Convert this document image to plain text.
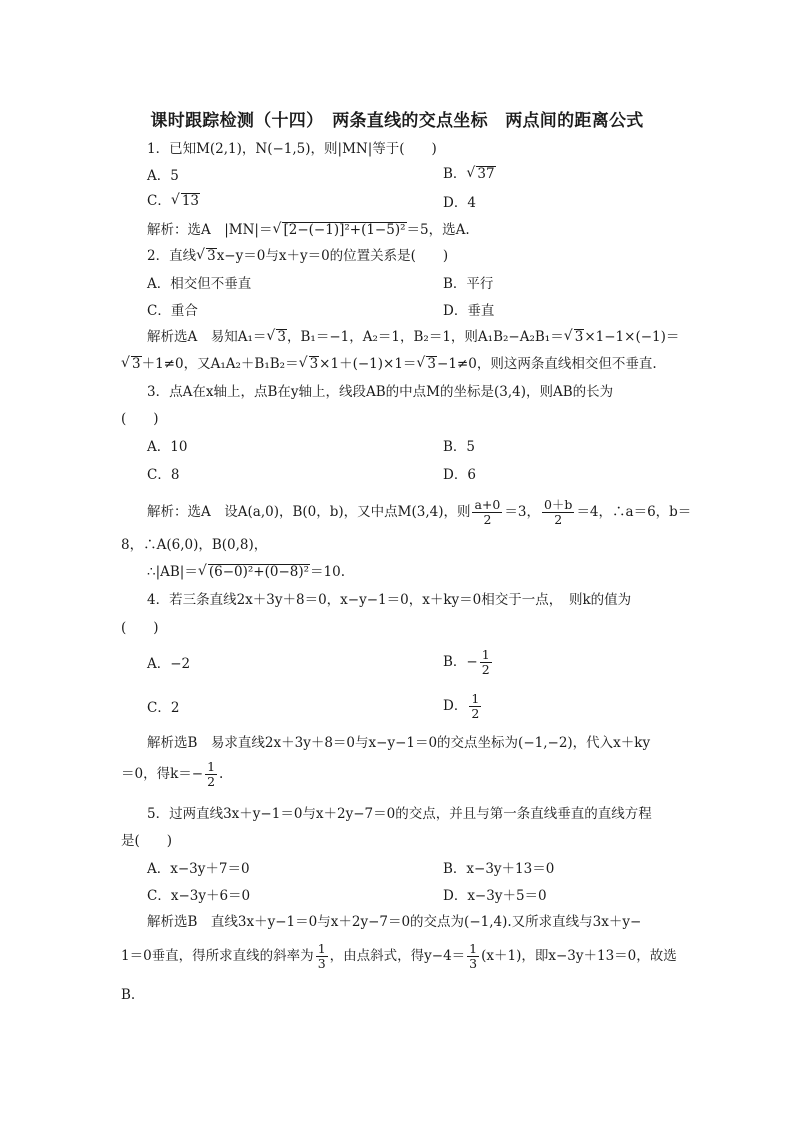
课时跟踪检测（十四）　两条直线的交点坐标　两点间的距离公式
1．已知M(2,1)，N(−1,5)，则|MN|等于(　　)
A．5	B． √ 37
C． √ 13	D．4
解析：选A　|MN|＝ √ [2−(−1)]²+(1−5)²＝5，选A.
2．直线 √ 3x−y＝0与x＋y＝0的位置关系是(　　)
A．相交但不垂直	B．平行
C．重合	D．垂直
解析选A　易知A₁＝ √ 3，B₁＝−1，A₂＝1，B₂＝1，则A₁B₂−A₂B₁＝ √ 3×1−1×(−1)＝
√ 3＋1≠0，又A₁A₂＋B₁B₂＝ √ 3×1＋(−1)×1＝ √ 3−1≠0，则这两条直线相交但不垂直.
3．点A在x轴上，点B在y轴上，线段AB的中点M的坐标是(3,4)，则AB的长为
(　　)
A．10	B．5
C．8	D．6
解析：选A　设A(a,0)，B(0，b)，又中点M(3,4)，则 $\frac{a+0}{2} =3$， $\frac{0+b}{2} =4$，∴a＝6，b＝
8，∴A(6,0)，B(0,8)，
∴|AB|＝ √ (6−0)²+(0−8)²＝10.
4．若三条直线2x＋3y＋8＝0，x−y−1＝0，x＋ky＝0相交于一点，　则k的值为
(　　)
A．−2	B．− $\frac{1}{2}$
C．2	D． $\frac{1}{2}$
解析选B　易求直线2x＋3y＋8＝0与x−y−1＝0的交点坐标为(−1,−2)，代入x＋ky
＝0，得$k=- \frac{1}{2}$ .
5．过两直线3x＋y−1＝0与x＋2y−7＝0的交点，并且与第一条直线垂直的直线方程
是(　　)
A．x−3y＋7＝0	B．x−3y＋13＝0
C．x−3y＋6＝0	D．x−3y＋5＝0
解析选B　直线3x＋y−1＝0与x＋2y−7＝0的交点为(−1,4).又所求直线与3x＋y−
1＝0垂直，得所求直线的斜率为 $\frac{1}{3}$ ，由点斜式，得$y-4= \frac{1}{3} (x+1)$，即x−3y＋13＝0，故选
B.
